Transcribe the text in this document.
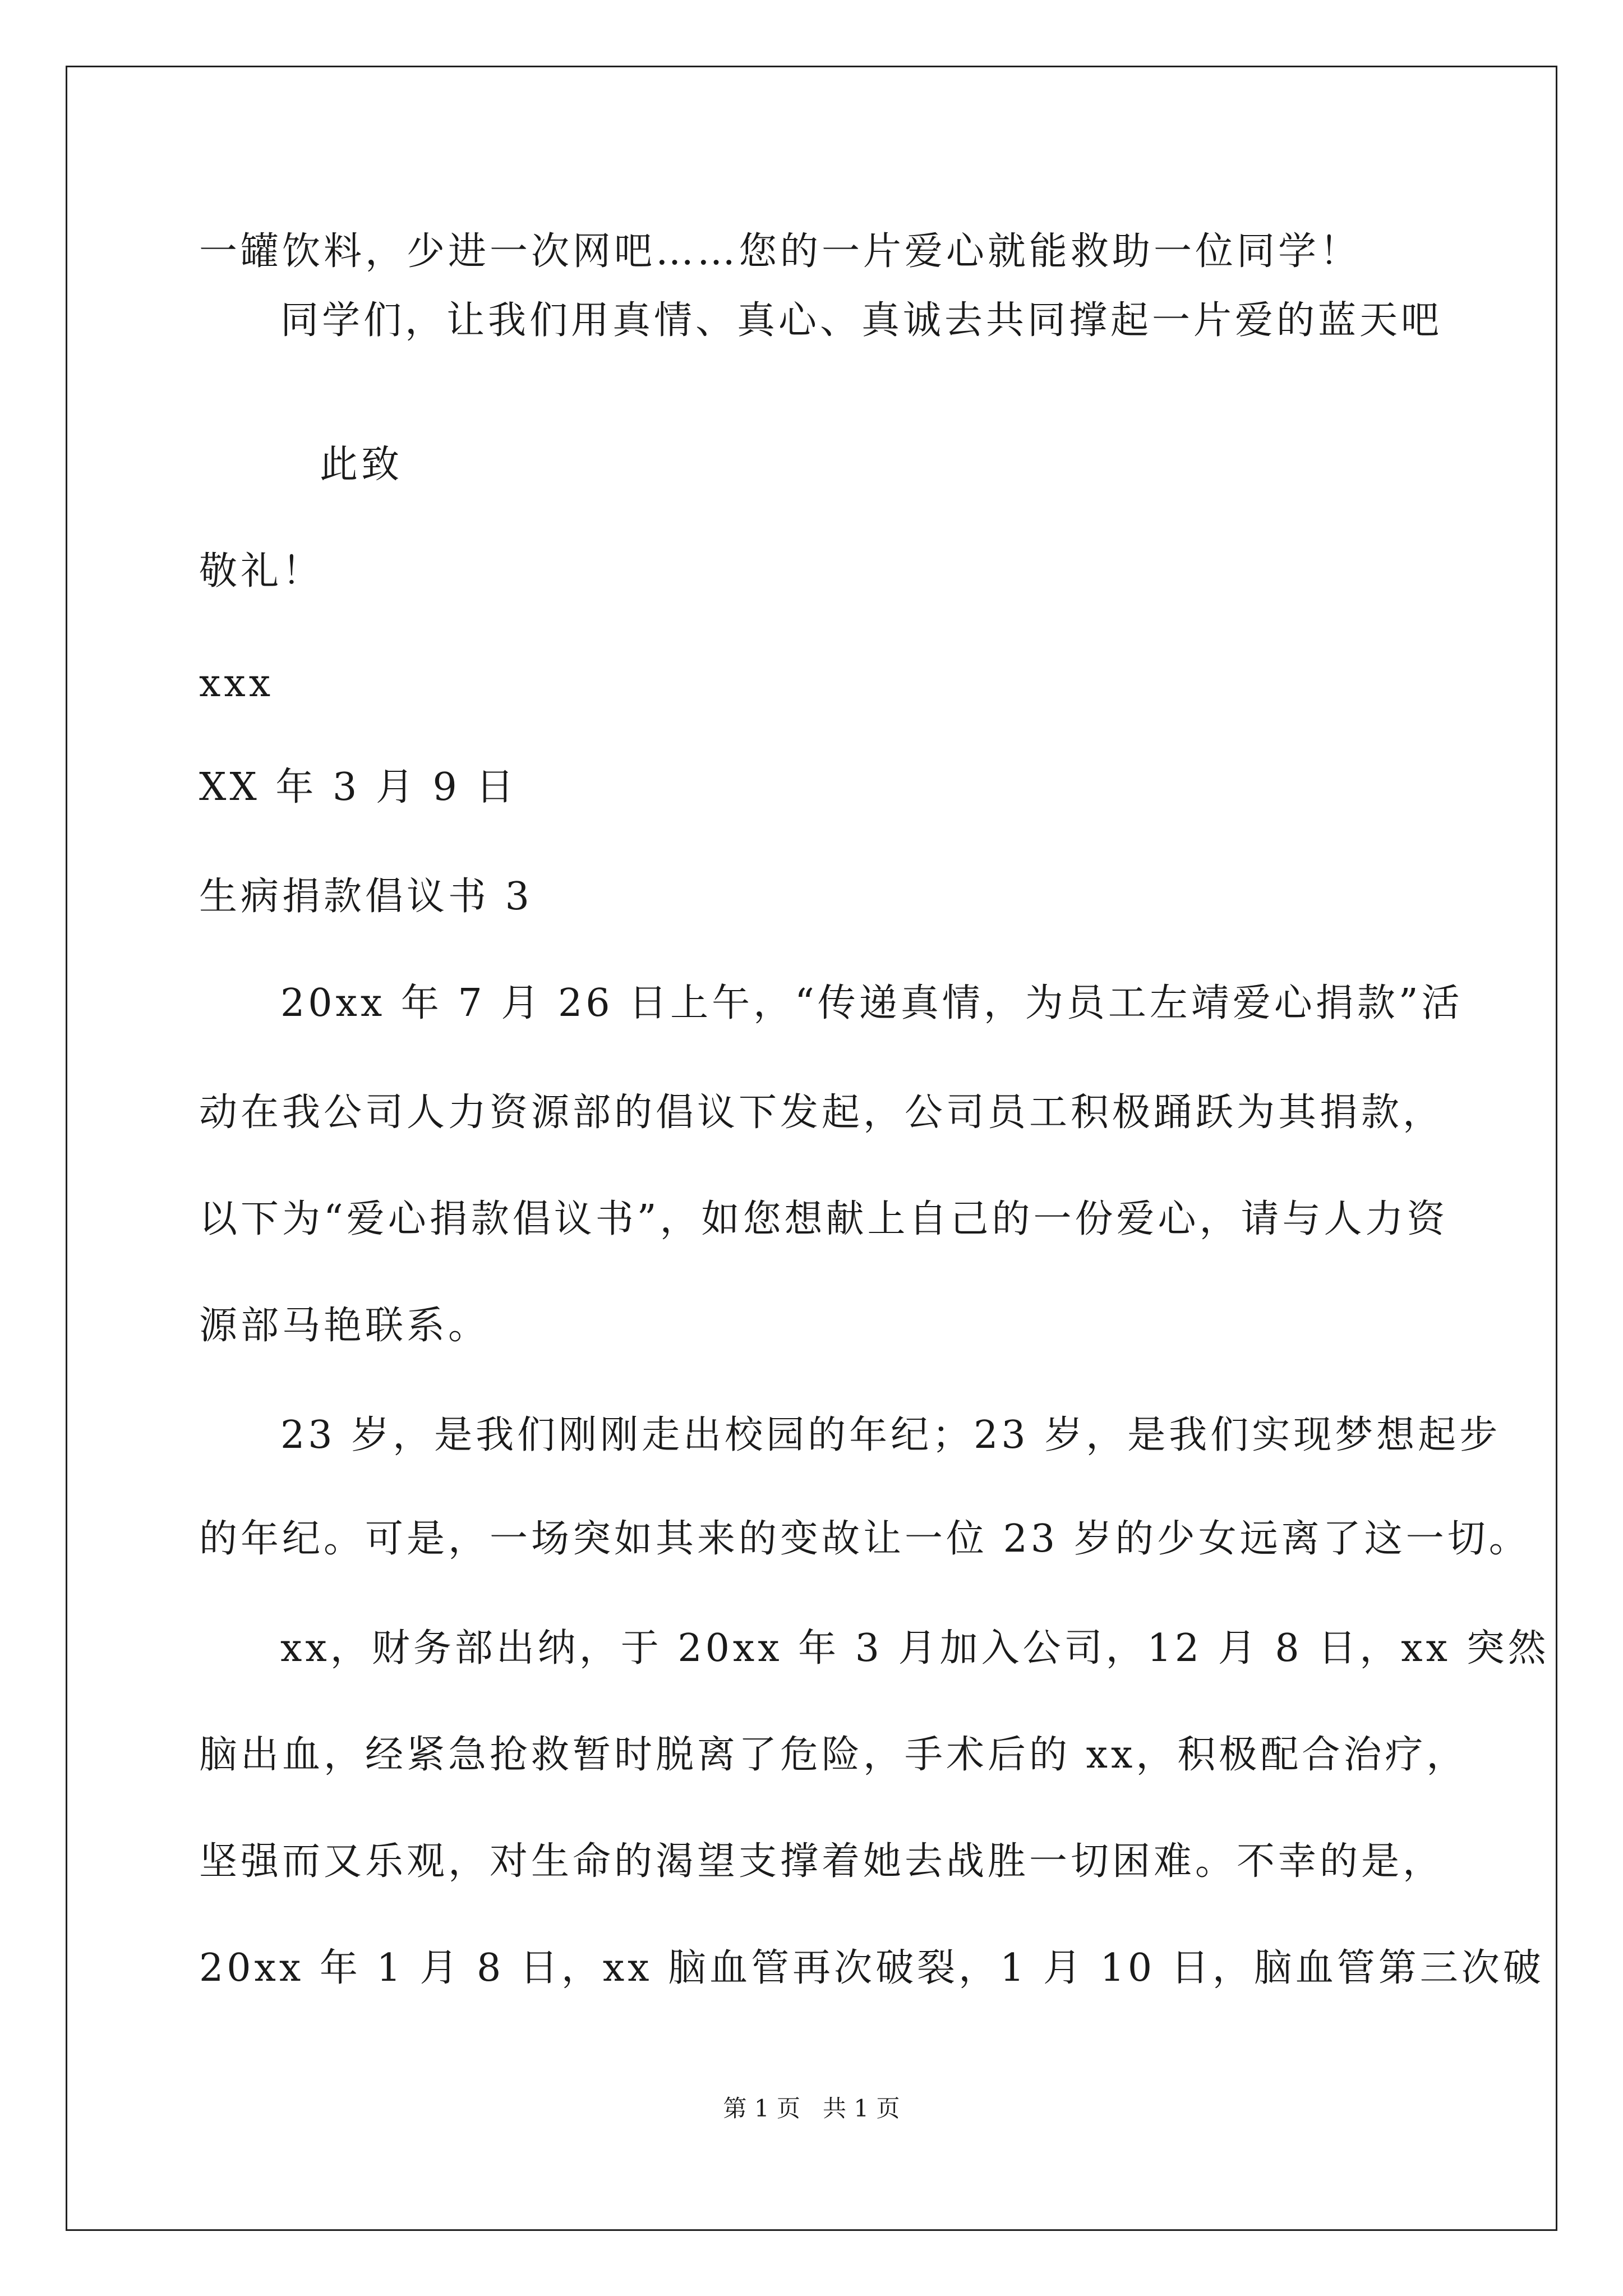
一罐饮料，少进一次网吧……您的一片爱心就能救助一位同学！
同学们，让我们用真情、真心、真诚去共同撑起一片爱的蓝天吧
此致
敬礼！
xxx
XX 年 3 月 9 日
生病捐款倡议书 3
20xx 年 7 月 26 日上午，“传递真情，为员工左靖爱心捐款”活
动在我公司人力资源部的倡议下发起，公司员工积极踊跃为其捐款，
以下为“爱心捐款倡议书”，如您想献上自己的一份爱心，请与人力资
源部马艳联系。
23 岁，是我们刚刚走出校园的年纪；23 岁，是我们实现梦想起步
的年纪。可是，一场突如其来的变故让一位 23 岁的少女远离了这一切。
xx，财务部出纳，于 20xx 年 3 月加入公司，12 月 8 日，xx 突然
脑出血，经紧急抢救暂时脱离了危险，手术后的 xx，积极配合治疗，
坚强而又乐观，对生命的渴望支撑着她去战胜一切困难。不幸的是，
20xx 年 1 月 8 日，xx 脑血管再次破裂，1 月 10 日，脑血管第三次破
第 1 页   共 1 页
